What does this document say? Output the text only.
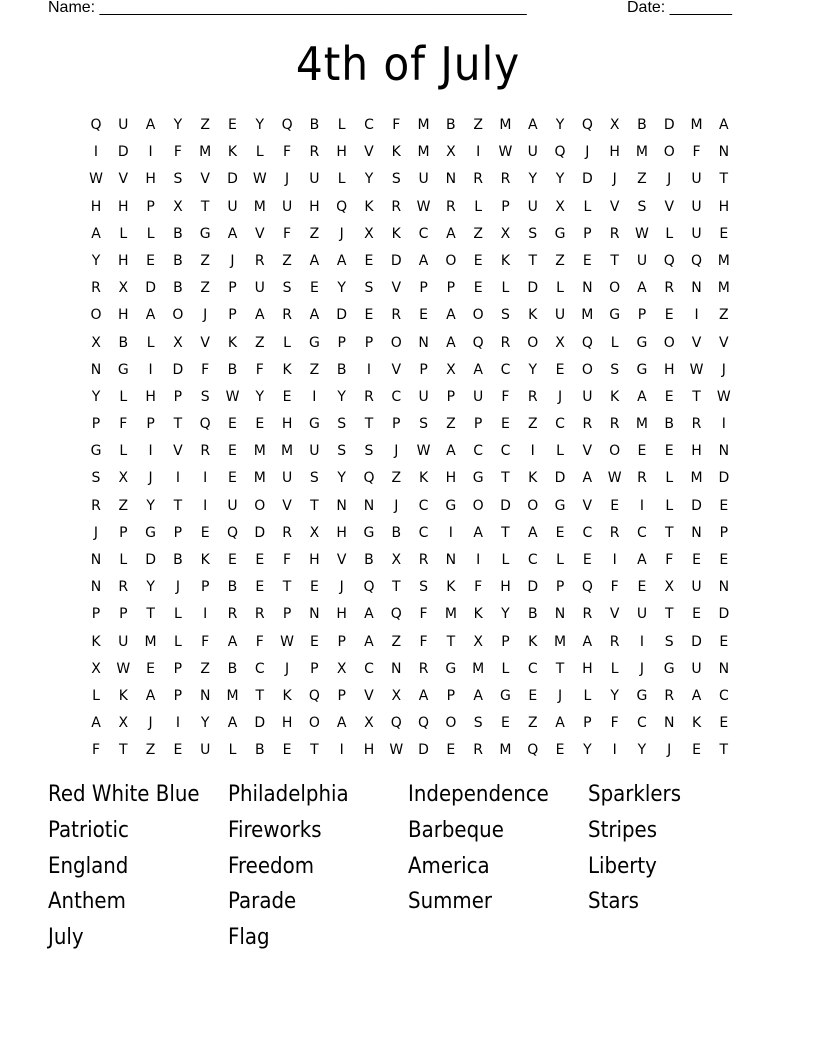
Name: ________________________________________________	Date: _______
4th of July
Q	U	A	Y	Z	E	Y	Q	B	L	C	F	M	B	Z	M	A	Y	Q	X	B	D	M	A
I	D	I	F	M	K	L	F	R	H	V	K	M	X	I	W	U	Q	J	H	M	O	F	N
W	V	H	S	V	D	W	J	U	L	Y	S	U	N	R	R	Y	Y	D	J	Z	J	U	T
H	H	P	X	T	U	M	U	H	Q	K	R	W	R	L	P	U	X	L	V	S	V	U	H
A	L	L	B	G	A	V	F	Z	J	X	K	C	A	Z	X	S	G	P	R	W	L	U	E
Y	H	E	B	Z	J	R	Z	A	A	E	D	A	O	E	K	T	Z	E	T	U	Q	Q	M
R	X	D	B	Z	P	U	S	E	Y	S	V	P	P	E	L	D	L	N	O	A	R	N	M
O	H	A	O	J	P	A	R	A	D	E	R	E	A	O	S	K	U	M	G	P	E	I	Z
X	B	L	X	V	K	Z	L	G	P	P	O	N	A	Q	R	O	X	Q	L	G	O	V	V
N	G	I	D	F	B	F	K	Z	B	I	V	P	X	A	C	Y	E	O	S	G	H	W	J
Y	L	H	P	S	W	Y	E	I	Y	R	C	U	P	U	F	R	J	U	K	A	E	T	W
P	F	P	T	Q	E	E	H	G	S	T	P	S	Z	P	E	Z	C	R	R	M	B	R	I
G	L	I	V	R	E	M	M	U	S	S	J	W	A	C	C	I	L	V	O	E	E	H	N
S	X	J	I	I	E	M	U	S	Y	Q	Z	K	H	G	T	K	D	A	W	R	L	M	D
R	Z	Y	T	I	U	O	V	T	N	N	J	C	G	O	D	O	G	V	E	I	L	D	E
J	P	G	P	E	Q	D	R	X	H	G	B	C	I	A	T	A	E	C	R	C	T	N	P
N	L	D	B	K	E	E	F	H	V	B	X	R	N	I	L	C	L	E	I	A	F	E	E
N	R	Y	J	P	B	E	T	E	J	Q	T	S	K	F	H	D	P	Q	F	E	X	U	N
P	P	T	L	I	R	R	P	N	H	A	Q	F	M	K	Y	B	N	R	V	U	T	E	D
K	U	M	L	F	A	F	W	E	P	A	Z	F	T	X	P	K	M	A	R	I	S	D	E
X	W	E	P	Z	B	C	J	P	X	C	N	R	G	M	L	C	T	H	L	J	G	U	N
L	K	A	P	N	M	T	K	Q	P	V	X	A	P	A	G	E	J	L	Y	G	R	A	C
A	X	J	I	Y	A	D	H	O	A	X	Q	Q	O	S	E	Z	A	P	F	C	N	K	E
F	T	Z	E	U	L	B	E	T	I	H	W	D	E	R	M	Q	E	Y	I	Y	J	E	T
Red White Blue	Philadelphia	Independence	Sparklers
Patriotic	Fireworks	Barbeque	Stripes
England	Freedom	America	Liberty
Anthem	Parade	Summer	Stars
July	Flag
